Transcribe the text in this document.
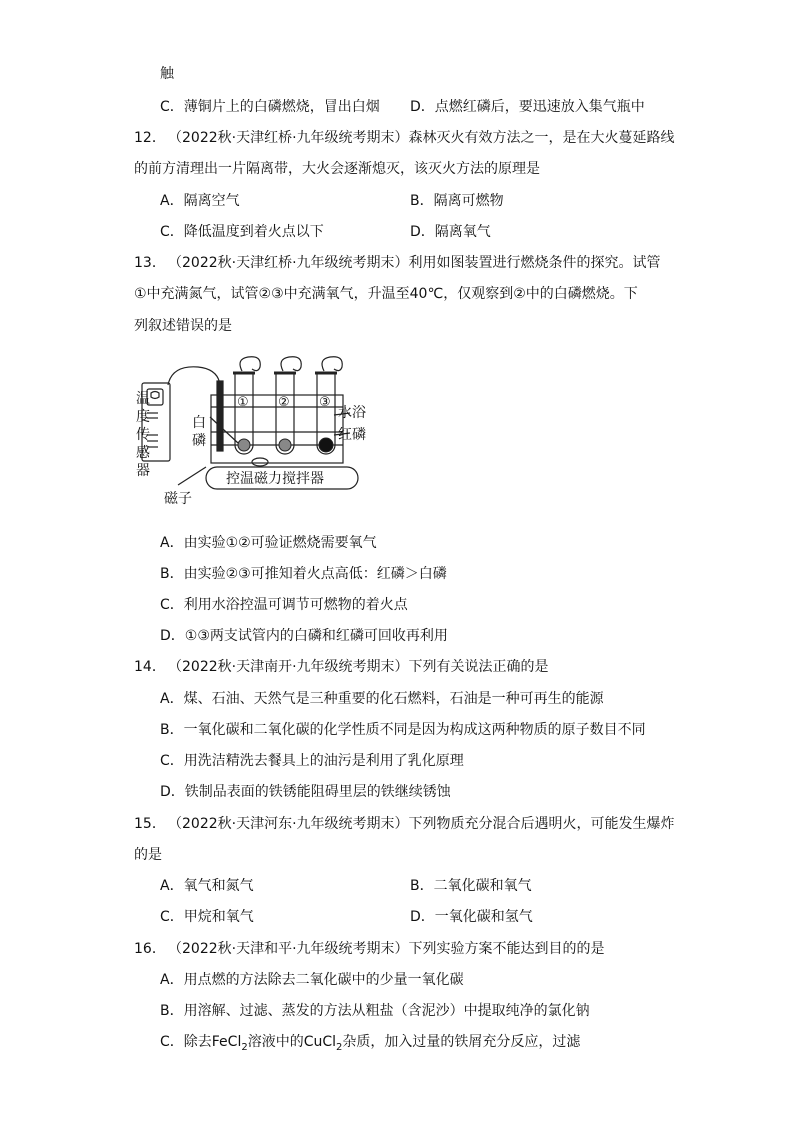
触
C．薄铜片上的白磷燃烧，冒出白烟 D．点燃红磷后，要迅速放入集气瓶中
12． （2022秋·天津红桥·九年级统考期末）森林灭火有效方法之一，是在大火蔓延路线
的前方清理出一片隔离带，大火会逐渐熄灭，该灭火方法的原理是
A．隔离空气	B．隔离可燃物
C．降低温度到着火点以下	D．隔离氧气
13． （2022秋·天津红桥·九年级统考期末）利用如图装置进行燃烧条件的探究。试管
①中充满氮气，试管②③中充满氧气，升温至40℃，仅观察到②中的白磷燃烧。下
列叙述错误的是
① ② ③
温
度
传
感
器
白
磷
水浴
红磷
磁子
控温磁力搅拌器
A．由实验①②可验证燃烧需要氧气
B．由实验②③可推知着火点高低：红磷＞白磷
C．利用水浴控温可调节可燃物的着火点
D．①③两支试管内的白磷和红磷可回收再利用
14． （2022秋·天津南开·九年级统考期末）下列有关说法正确的是
A．煤、石油、天然气是三种重要的化石燃料，石油是一种可再生的能源
B．一氧化碳和二氧化碳的化学性质不同是因为构成这两种物质的原子数目不同
C．用洗洁精洗去餐具上的油污是利用了乳化原理
D．铁制品表面的铁锈能阻碍里层的铁继续锈蚀
15． （2022秋·天津河东·九年级统考期末）下列物质充分混合后遇明火，可能发生爆炸
的是
A．氧气和氮气	B．二氧化碳和氧气
C．甲烷和氧气	D．一氧化碳和氢气
16． （2022秋·天津和平·九年级统考期末）下列实验方案不能达到目的的是
A．用点燃的方法除去二氧化碳中的少量一氧化碳
B．用溶解、过滤、蒸发的方法从粗盐（含泥沙）中提取纯净的氯化钠
C．除去FeCl$_2$溶液中的CuCl$_2$杂质，加入过量的铁屑充分反应，过滤
